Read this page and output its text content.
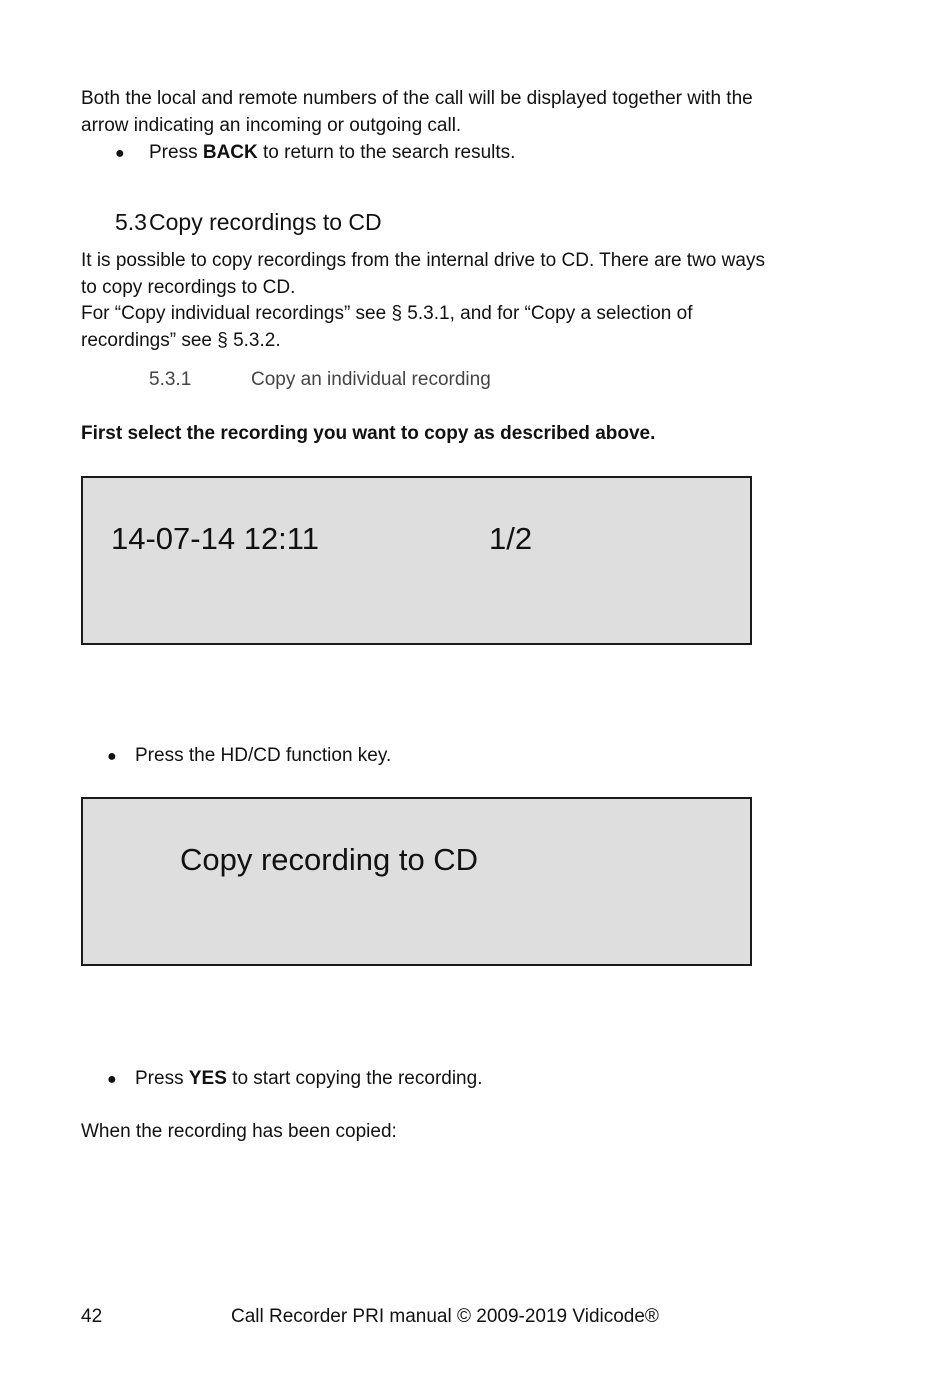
Both the local and remote numbers of the call will be displayed together with the
arrow indicating an incoming or outgoing call.
● Press BACK to return to the search results.
5.3 Copy recordings to CD
It is possible to copy recordings from the internal drive to CD. There are two ways
to copy recordings to CD.
For “Copy individual recordings” see § 5.3.1, and for “Copy a selection of
recordings” see § 5.3.2.
5.3.1	Copy an individual recording
First select the recording you want to copy as described above.
14-07-14 12:11	1/2
● Press the HD/CD function key.
Copy recording to CD
● Press YES to start copying the recording.
When the recording has been copied:
42	Call Recorder PRI manual © 2009-2019 Vidicode®
